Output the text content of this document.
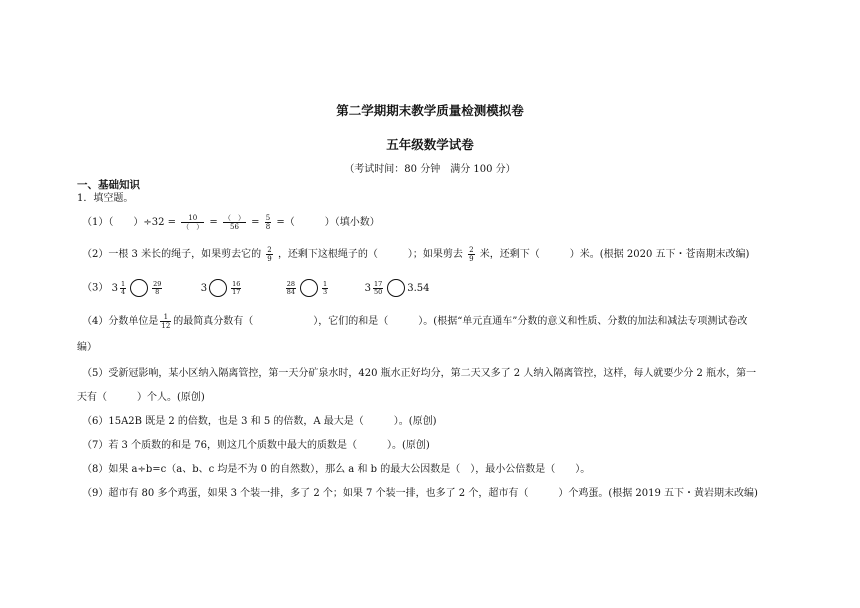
第二学期期末教学质量检测模拟卷
五年级数学试卷
（考试时间：80 分钟　满分 100 分）
一、基础知识
1．填空题。
（1）（　　）$\div 32 = \frac{10}{( )} = \frac{( )}{56} = \frac{5}{8}$ =（　　　）（填小数）
（2）一根 3 米长的绳子，如果剪去它的 $\frac{2}{9}$ ，还剩下这根绳子的（　　　）；如果剪去 $\frac{2}{9}$ 米，还剩下（　　　）米。(根据 2020 五下・苍南期末改编)
（3） $3 \frac{1}{4}$	$\frac{29}{8}$	3	$\frac{16}{17}$
	$\frac{28}{84}$	$\frac{1}{3}$	$3 \frac{17}{50} 3.54$
（4）分数单位是 $\frac{1}{12}$ 的最简真分数有（　　　　　　），它们的和是（　　　）。(根据“单元直通车”分数的意义和性质、分数的加法和减法专项测试卷改
编）
（5）受新冠影响，某小区纳入隔离管控，第一天分矿泉水时，420 瓶水正好均分，第二天又多了 2 人纳入隔离管控，这样，每人就要少分 2 瓶水，第一
天有（　　　）个人。(原创)
（6）15A2B 既是 2 的倍数，也是 3 和 5 的倍数，A 最大是（　　　）。(原创)
（7）若 3 个质数的和是 76，则这几个质数中最大的质数是（　　　）。(原创)
（8）如果 a÷b=c（a、b、c 均是不为 0 的自然数），那么 a 和 b 的最大公因数是（　），最小公倍数是（　　）。
（9）超市有 80 多个鸡蛋，如果 3 个装一排，多了 2 个；如果 7 个装一排，也多了 2 个，超市有（　　　）个鸡蛋。(根据 2019 五下・黄岩期末改编)
